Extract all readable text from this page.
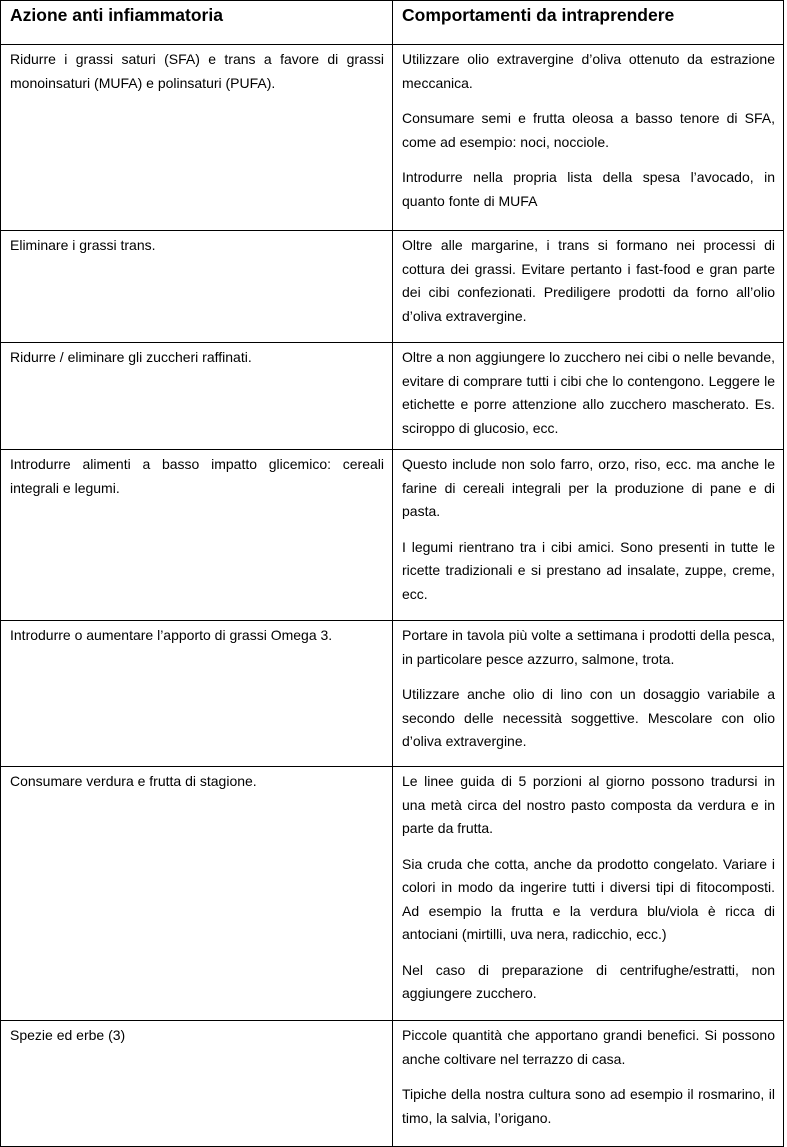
Azione anti infiammatoria	Comportamenti da intraprendere

Ridurre i grassi saturi (SFA) e trans a favore di grassi monoinsaturi (MUFA) e polinsaturi (PUFA).	Utilizzare olio extravergine d’oliva ottenuto da estrazione meccanica.
Consumare semi e frutta oleosa a basso tenore di SFA, come ad esempio: noci, nocciole.
Introdurre nella propria lista della spesa l’avocado, in quanto fonte di MUFA

Eliminare i grassi trans.	Oltre alle margarine, i trans si formano nei processi di cottura dei grassi. Evitare pertanto i fast-food e gran parte dei cibi confezionati. Prediligere prodotti da forno all’olio d’oliva extravergine.

Ridurre / eliminare gli zuccheri raffinati.	Oltre a non aggiungere lo zucchero nei cibi o nelle bevande, evitare di comprare tutti i cibi che lo contengono. Leggere le etichette e porre attenzione allo zucchero mascherato. Es. sciroppo di glucosio, ecc.

Introdurre alimenti a basso impatto glicemico: cereali integrali e legumi.	Questo include non solo farro, orzo, riso, ecc. ma anche le farine di cereali integrali per la produzione di pane e di pasta.
I legumi rientrano tra i cibi amici. Sono presenti in tutte le ricette tradizionali e si prestano ad insalate, zuppe, creme, ecc.

Introdurre o aumentare l’apporto di grassi Omega 3.	Portare in tavola più volte a settimana i prodotti della pesca, in particolare pesce azzurro, salmone, trota.
Utilizzare anche olio di lino con un dosaggio variabile a secondo delle necessità soggettive. Mescolare con olio d’oliva extravergine.

Consumare verdura e frutta di stagione.	Le linee guida di 5 porzioni al giorno possono tradursi in una metà circa del nostro pasto composta da verdura e in parte da frutta.
Sia cruda che cotta, anche da prodotto congelato. Variare i colori in modo da ingerire tutti i diversi tipi di fitocomposti. Ad esempio la frutta e la verdura blu/viola è ricca di antociani (mirtilli, uva nera, radicchio, ecc.)
Nel caso di preparazione di centrifughe/estratti, non aggiungere zucchero.

Spezie ed erbe (3)	Piccole quantità che apportano grandi benefici. Si possono anche coltivare nel terrazzo di casa.
Tipiche della nostra cultura sono ad esempio il rosmarino, il timo, la salvia, l’origano.
